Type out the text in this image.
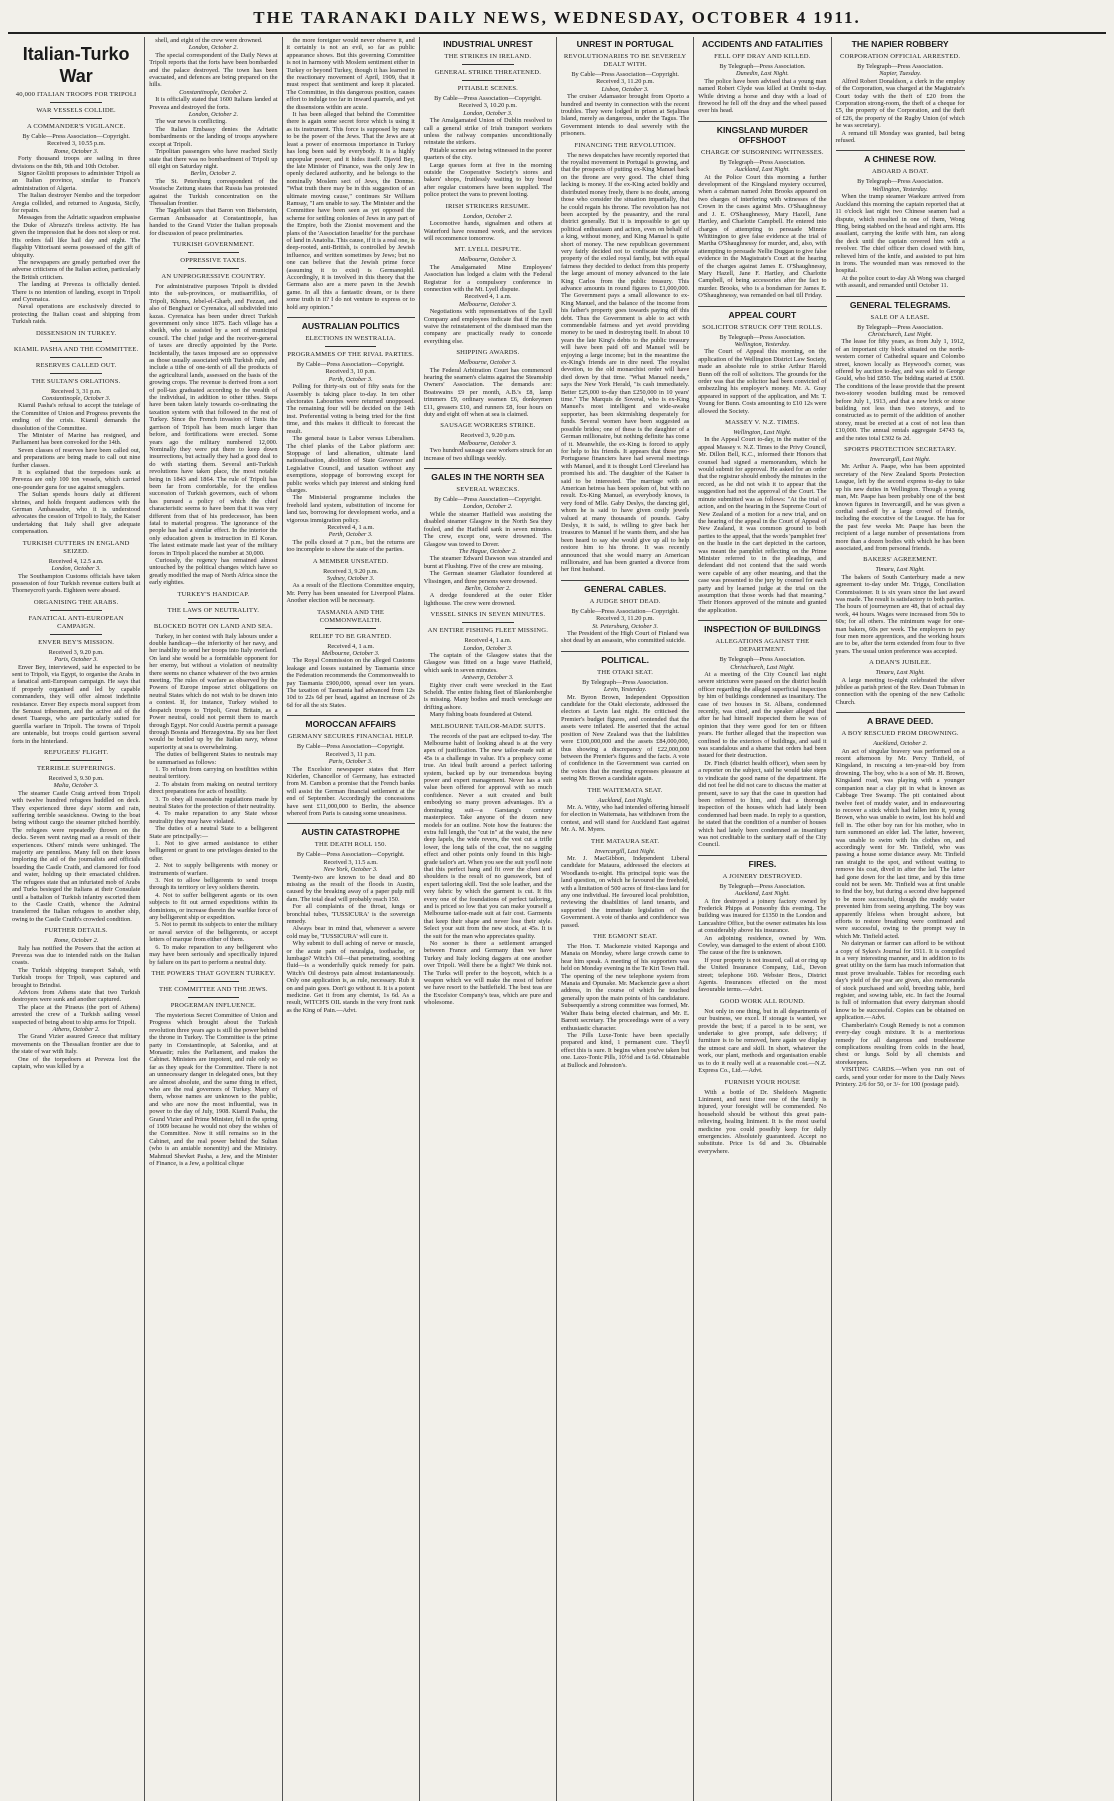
THE TARANAKI DAILY NEWS, WEDNESDAY, OCTOBER 4 1911.
Italian-Turko War
40,000 ITALIAN TROOPS FOR TRIPOLI
WAR VESSELS COLLIDE.
A COMMANDER'S VIGILANCE.
By Cable—Press Association—Copyright.
Received 3, 10.55 p.m.
Rome, October 3.

Forty thousand troops are sailing in three divisions on the 8th, 9th and 10th October.

Signor Giolitti proposes to administer Tripoli as an Italian province, similar to France's administration of Algeria.

The Italian destroyer Nembo and the torpedoer Aregia collided, and returned to Augusta, Sicily, for repairs.

Messages from the Adriatic squadron emphasise the Duke of Abruzzi's tireless activity. He has given the impression that he does not sleep or rest. His orders fall like hail day and night. The flagship Vittorisani seems possessed of the gift of ubiquity.

The newspapers are greatly perturbed over the adverse criticisms of the Italian action, particularly the British criticism.

The landing at Preveza is officially denied. There is no intention of landing, except in Tripoli and Cyrenaica.

Naval operations are exclusively directed to protecting the Italian coast and shipping from Turkish raids.

DISSENSION IN TURKEY.
KIAMIL PASHA AND THE COMMITTEE.
RESERVES CALLED OUT.
THE SULTAN'S ORLATIONS.
Received 3, 31 p.m.
Constantinople, October 3.

Kiamil Pasha's refusal to accept the tutelage of the Committee of Union and Progress prevents the ending of the crisis. Kiamil demands the dissolution of the Committee.

The Minister of Marine has resigned, and Parliament has been convoked for the 14th.

Seven classes of reserves have been called out, and preparations are being made to call out nine further classes.

It is explained that the torpedoes sunk at Preveza are only 100 ton vessels, which carried one-pounder guns for use against smugglers.

The Sultan spends hours daily at different shrines, and holds frequent audiences with the German Ambassador, who it is understood advocates the cession of Tripoli to Italy, the Kaiser undertaking that Italy shall give adequate compensation.

TURKISH CUTTERS IN ENGLAND SEIZED.
Received 4, 12.5 a.m.
London, October 3.

The Southampton Customs officials have taken possession of four Turkish revenue cutters built at Thorneycroft yards. Eighteen were aboard.

ORGANISING THE ARABS.
FANATICAL ANTI-EUROPEAN CAMPAIGN.
ENVER BEY'S MISSION.
Received 3, 9.20 p.m.
Paris, October 3.

Enver Bey, interviewed, said he expected to be sent to Tripoli, via Egypt, to organise the Arabs in a fanatical anti-European campaign. He says that if properly organised and led by capable commanders, they will offer almost indefinite resistance. Enver Bey expects moral support from the Senussi tribesmen, and the active aid of the desert Tuaregs, who are particularly suited for guerilla warfare in Tripoli. The towns of Tripoli are untenable, but troops could garrison several forts in the hinterland.

REFUGEES' FLIGHT.
TERRIBLE SUFFERINGS.
Received 3, 9.30 p.m.
Malta, October 3.

The steamer Castle Craig arrived from Tripoli with twelve hundred refugees huddled on deck. They experienced three days' storm and rain, suffering terrible seasickness. Owing to the boat being without cargo the steamer pitched horribly. The refugees were repeatedly thrown on the decks. Seven went raving mad as a result of their experiences. Others' minds were unhinged. The majority are penniless. Many fell on their knees imploring the aid of the journalists and officials boarding the Castle Craith, and clamored for food and water, holding up their emaciated children. The refugees state that an infuriated mob of Arabs and Turks besieged the Italians at their Consulate until a battalion of Turkish infantry escorted them to the Castle Craith, whence the Admiral transferred the Italian refugees to another ship, owing to the Castle Craith's crowded condition.

FURTHER DETAILS.
Rome, October 2.

Italy has notified the Powers that the action at Preveza was due to intended raids on the Italian coasts.

The Turkish shipping transport Sabah, with Turkish troops for Tripoli, was captured and brought to Brindisi.

Advices from Athens state that two Turkish destroyers were sunk and another captured.

The place at the Piraeus (the port of Athens) arrested the crew of a Turkish sailing vessel suspected of being about to ship arms for Tripoli.

Athens, October 2.

The Grand Vizier assured Greece that military movements on the Thessalian frontier are due to the state of war with Italy.

One of the torpedoers at Preveza lost the captain, who was killed by a

shell, and eight of the crew were drowned.

London, October 2.

The special correspondent of the Daily News at Tripoli reports that the forts have been bombarded and the palace destroyed. The town has been evacuated, and defences are being prepared on the hills.

Constantinople, October 2.

It is officially stated that 1600 Italians landed at Preveza and destroyed the forts.

London, October 2.

The war news is conflicting.

The Italian Embassy denies the Adriatic bombardments or the landing of troops anywhere except at Tripoli.

Tripolitan passengers who have reached Sicily state that there was no bombardment of Tripoli up till eight on Saturday night.

Berlin, October 2.

The St. Petersburg correspondent of the Vossische Zeitung states that Russia has protested against the Turkish concentration on the Thessalian frontier.

The Tageblatt says that Baron von Bieberstein, German Ambassador at Constantinople, has handed to the Grand Vizier the Italian proposals for discussion of peace preliminaries.

TURKISH GOVERNMENT.
OPPRESSIVE TAXES.
AN UNPROGRESSIVE COUNTRY.

For administrative purposes Tripoli is divided into the sub-provinces, or mutisarrifliks, of Tripoli, Khoms, Jebel-el-Gharb, and Fezzan, and also of Benghazi or Cyrenaica, all subdivided into kazas. Cyrenaica has been under direct Turkish government only since 1875. Each village has a sheikh, who is assisted by a sort of municipal council. The chief judge and the receiver-general of taxes are directly appointed by the Porte. Incidentally, the taxes imposed are so oppressive as those usually associated with Turkish rule, and include a tithe of one-tenth of all the products of the agricultural lands, assessed on the basis of the growing crops. The revenue is derived from a sort of poll-tax graduated according to the wealth of the individual, in addition to other tithes. Steps have been taken lately towards co-ordinating the taxation system with that followed in the rest of Turkey. Since the French invasion of Tunis the garrison of Tripoli has been much larger than before, and fortifications were erected. Some years ago the military numbered 12,000. Nominally they were put there to keep down insurrections, but actually they had a good deal to do with starting them. Several anti-Turkish revolutions have taken place, the most notable being in 1843 and 1864. The rule of Tripoli has been far from comfortable, for the endless succession of Turkish governors, each of whom has pursued a policy of which the chief characteristic seems to have been that it was very different from that of his predecessor, has been fatal to material progress. The ignorance of the people has had a similar effect. In the interior the only education given is instruction in El Koran. The latest estimate made last year of the military forces in Tripoli placed the number at 30,000.

Curiously, the regency has remained almost untouched by the political changes which have so greatly modified the map of North Africa since the early eighties.

TURKEY'S HANDICAP.
THE LAWS OF NEUTRALITY.
BLOCKED BOTH ON LAND AND SEA.

Turkey, in her contest with Italy labours under a double handicap—the inferiority of her navy, and her inability to send her troops into Italy overland. On land she would be a formidable opponent for her enemy, but without a violation of neutrality there seems no chance whatever of the two armies meeting. The rules of warfare as observed by the Powers of Europe impose strict obligations on neutral States which do not wish to be drawn into a contest. If, for instance, Turkey wished to despatch troops to Tripoli, Great Britain, as a Power neutral, could not permit them to march through Egypt. Nor could Austria permit a passage through Bosnia and Herzegovina. By sea her fleet would be bottled up by the Italian navy, whose superiority at sea is overwhelming.

The duties of belligerent States to neutrals may be summarised as follows:

1. To refrain from carrying on hostilities within neutral territory.

2. To abstain from making on neutral territory direct preparations for acts of hostility.

3. To obey all reasonable regulations made by neutral States for the protection of their neutrality.

4. To make reparation to any State whose neutrality they may have violated.

The duties of a neutral State to a belligerent State are principally:—

1. Not to give armed assistance to either belligerent or grant to one privileges denied to the other.

2. Not to supply belligerents with money or instruments of warfare.

3. Not to allow belligerents to send troops through its territory or levy soldiers therein.

4. Not to suffer belligerent agents or its own subjects to fit out armed expeditions within its dominions, or increase therein the warlike force of any belligerent ship or expedition.

5. Not to permit its subjects to enter the military or naval service of the belligerents, or accept letters of marque from either of them.

6. To make reparation to any belligerent who may have been seriously and specifically injured by failure on its part to perform a neutral duty.

THE POWERS THAT GOVERN TURKEY.
THE COMMITTEE AND THE JEWS.
PROGERMAN INFLUENCE.

The mysterious Secret Committee of Union and Progress which brought about the Turkish revolution three years ago is still the power behind the throne in Turkey. The Committee is the prime party in Constantinople, at Salonika, and at Monastir; rules the Parliament, and makes the Cabinet. Ministers are impotent, and rule only so far as they speak for the Committee. There is not an unnecessary danger in delegated ones, but they are almost absolute, and the same thing in effect, who are the real governors of Turkey. Many of them, whose names are unknown to the public, and who are now the most influential, was in power to the day of July, 1908. Kiamil Pasha, the Grand Vizier and Prime Minister, fell in the spring of 1909 because he would not obey the wishes of the Committee. Now it still remains so in the Cabinet, and the real power behind the Sultan (who is an amiable nonentity) and the Ministry. Mahmud Shevket Pasha, a Jew, and the Minister of Finance, is a Jew, a political clique

the more foreigner would never observe it, and it certainly is not an evil, so far as public appearance shows. But this governing Committee is not in harmony with Moslem sentiment either in Turkey or beyond Turkey, though it has learned in the reactionary movement of April, 1909, that it must respect that sentiment and keep it placated. The Committee, in this dangerous position, causes effort to indulge too far in inward quarrels, and yet the dissensions within are acute.

It has been alleged that behind the Committee there is again some secret force which is using it as its instrument. This force is supposed by many to be the power of the Jews. That the Jews are at least a power of enormous importance in Turkey has long been said by everybody. It is a highly unpopular power, and it hides itself. Djavid Bey, the late Minister of Finance, was the only Jew in openly declared authority, and he belongs to the nominally Moslem sect of Jews, the Donme. "What truth there may be in this suggestion of an ultimate moving cause," continues Sir William Ramsay, "I am unable to say. The Minister and the Committee have been seen as yet opposed the scheme for settling colonies of Jews in any part of the Empire, both the Zionist movement and the plans of the 'Association Israelite' for the purchase of land in Anatolia. This cause, if it is a real one, is deep-rooted, anti-British, is controlled by Jewish influence, and written sometimes by Jews; but no one can believe that the Jewish prime force (assuming it to exist) is Germanophil. Accordingly, it is involved in this theory that the Germans also are a mere pawn in the Jewish game. In all this a fantastic dream, or is there some truth in it? I do not venture to express or to hold any opinion."

AUSTRALIAN POLITICS
ELECTIONS IN WESTRALIA.
PROGRAMMES OF THE RIVAL PARTIES.
By Cable—Press Association—Copyright.
Received 3, 10 p.m.
Perth, October 3.

Polling for thirty-six out of fifty seats for the Assembly is taking place to-day. In ten other electorates Labourites were returned unopposed. The remaining four will be decided on the 14th inst. Preferential voting is being tried for the first time, and this makes it difficult to forecast the result.

The general issue is Labor versus Liberalism. The chief planks of the Labor platform are: Stoppage of land alienation, ultimate land nationalisation, abolition of State Governor and Legislative Council, and taxation without any exemptions, stoppage of borrowing except for public works which pay interest and sinking fund charges.

The Ministerial programme includes the freehold land system, substitution of income for land tax, borrowing for development works, and a vigorous immigration policy.

Received 4, 1 a.m.
Perth, October 3.

The polls closed at 7 p.m., but the returns are too incomplete to show the state of the parties.

A MEMBER UNSEATED.
Received 3, 9.20 p.m.
Sydney, October 3.

As a result of the Elections Committee enquiry, Mr. Perry has been unseated for Liverpool Plains. Another election will be necessary.

TASMANIA AND THE COMMONWEALTH.
RELIEF TO BE GRANTED.
Received 4, 1 a.m.
Melbourne, October 3.

The Royal Commission on the alleged Customs leakage and losses sustained by Tasmania since the Federation recommends the Commonwealth to pay Tasmania £900,000, spread over ten years. The taxation of Tasmania had advanced from 12s 10d to 22s 6d per head, against an increase of 2s 6d for all the six States.

MOROCCAN AFFAIRS
GERMANY SECURES FINANCIAL HELP.
By Cable—Press Association—Copyright.
Received 3, 11 p.m.
Paris, October 3.

The Excelsior newspaper states that Herr Kiderlen, Chancellor of Germany, has extracted from M. Cambon a promise that the French banks will assist the German financial settlement at the end of September. Accordingly the concessions have sent £11,000,000 to Berlin, the absence whereof from Paris is causing some uneasiness.

AUSTIN CATASTROPHE
THE DEATH ROLL 150.
By Cable—Press Association—Copyright.
Received 3, 11.5 a.m.
New York, October 3.

Twenty-two are known to be dead and 80 missing as the result of the floods in Austin, caused by the breaking away of a paper pulp mill dam. The total dead will probably reach 150.

For all complaints of the throat, lungs or bronchial tubes, 'TUSSICURA' is the sovereign remedy.

Always bear in mind that, whenever a severe cold may be, 'TUSSICURA' will cure it.

Why submit to dull aching of nerve or muscle, or the acute pain of neuralgia, toothache, or lumbago? Witch's Oil—that penetrating, soothing fluid—is a wonderfully quick remedy for pain. Witch's Oil destroys pain almost instantaneously. Only one application is, as rule, necessary. Rub it on and pain goes. Don't go without it. It is a potent medicine. Get it from any chemist, 1s 6d. As a result, WITCH'S OIL stands in the very front rank as the King of Pain.—Advt.

INDUSTRIAL UNREST
THE STRIKES IN IRELAND.
GENERAL STRIKE THREATENED.
PITIABLE SCENES.
By Cable—Press Association—Copyright.
Received 3, 10.20 p.m.
London, October 3.

The Amalgamated Union of Dublin resolved to call a general strike of Irish transport workers unless the railway companies unconditionally reinstate the strikers.

Pitiable scenes are being witnessed in the poorer quarters of the city.

Large queues form at five in the morning outside the Cooperative Society's stores and bakers' shops, fruitlessly waiting to buy bread after regular customers have been supplied. The police protect the vans to prevent looting.

IRISH STRIKERS RESUME.
London, October 2.

Locomotive hands, signalmen and others at Waterford have resumed work, and the services will recommence tomorrow.

MT. LYELL DISPUTE.
Melbourne, October 3.

The Amalgamated Mine Employees' Association has lodged a claim with the Federal Registrar for a compulsory conference in connection with the Mt. Lyell dispute.

Received 4, 1 a.m.
Melbourne, October 3.

Negotiations with representatives of the Lyell Company and employees indicate that if the men waive the reinstatement of the dismissed man the company are practically ready to concede everything else.

SHIPPING AWARDS.
Melbourne, October 3.

The Federal Arbitration Court has commenced hearing the seamen's claims against the Steamship Owners' Association. The demands are: Boatswains £9 per month, A.B.'s £8, lamp trimmers £9, ordinary seamen £6, donkeymen £11, greasers £10, and runners £8, four hours on duty and eight off when at sea is claimed.

SAUSAGE WORKERS STRIKE.
Received 3, 9.20 p.m.
Melbourne, October 3.

Two hundred sausage case workers struck for an increase of two shillings weekly.

GALES IN THE NORTH SEA
SEVERAL WRECKS.
By Cable—Press Association—Copyright.
London, October 2.

While the steamer Hatfield was assisting the disabled steamer Glasgow in the North Sea they fouled, and the Hatfield sank in seven minutes. The crew, except one, were drowned. The Glasgow was towed to Dover.

The Hague, October 2.

The steamer Edward Dawson was stranded and burnt at Flushing. Five of the crew are missing.

The German steamer Gladiator foundered at Vlissingen, and three persons were drowned.

Berlin, October 2.

A dredge foundered at the outer Elder lighthouse. The crew were drowned.

VESSEL SINKS IN SEVEN MINUTES.
AN ENTIRE FISHING FLEET MISSING.
Received 4, 1 a.m.
London, October 3.

The captain of the Glasgow states that the Glasgow was fitted on a huge wave Hatfield, which sank in seven minutes.

Antwerp, October 3.

Eighty river craft were wrecked in the East Scheldt. The entire fishing fleet of Blankenberghe is missing. Many bodies and much wreckage are drifting ashore.

Many fishing boats foundered at Ostend.

MELBOURNE TAILOR-MADE SUITS.

The records of the past are eclipsed to-day. The Melbourne habit of looking ahead is at the very apex of justification. The new tailor-made suit at 45s is a challenge in value. It's a prophecy come true. An ideal built around a perfect tailoring system, backed up by our tremendous buying power and expert management. Never has a suit value been offered for approval with so much confidence. Never a suit created and built embodying so many proven advantages. It's a dominating suit—a Garstang's century masterpiece. Take anyone of the dozen new models for an outline. Note how the features: the extra full length, the "cut in" at the waist, the new deep lapels, the wide revers, the vest cut a trifle lower, the long tails of the coat, the no sagging effect and other points only found in this high-grade tailor's art. When you see the suit you'll note that this perfect hang and fit over the chest and shoulders is the result of no guesswork, but of expert tailoring skill. Test the sole leather, and the very fabric by which the garment is cut. It fits every one of the foundations of perfect tailoring, and is priced so low that you can make yourself a Melbourne tailor-made suit at fair cost. Garments that keep their shape and never lose their style. Select your suit from the new stock, at 45s. It is the suit for the man who appreciates quality.

No sooner is there a settlement arranged between France and Germany than we have Turkey and Italy locking daggers at one another over Tripoli. Well there be a fight? We think not. The Turks will prefer to the boycott, which is a weapon which we will make the most of before we have resort to the battlefield. The best teas are the Excelsior Company's teas, which are pure and wholesome.

UNREST IN PORTUGAL
REVOLUTIONARIES TO BE SEVERELY DEALT WITH.
By Cable—Press Association—Copyright.
Received 3, 11.20 p.m.
Lisbon, October 3.

The cruiser Adamastor brought from Oporto a hundred and twenty in connection with the recent troubles. They were lodged in prison at Sejalinas Island, merely as dangerous, under the Tagus. The Government intends to deal severely with the prisoners.

FINANCING THE REVOLUTION.

The news despatches have recently reported that the royalist movement in Portugal is growing, and that the prospects of putting ex-King Manuel back on the throne are very good. The chief thing lacking is money. If the ex-King acted boldly and distributed money freely, there is no doubt, among those who consider the situation impartially, that he could regain his throne. The revolution has not been accepted by the peasantry, and the rural district generally. But it is impossible to get up political enthusiasm and action, even on behalf of a king, without money, and King Manuel is quite short of money. The new republican government very fairly decided not to confiscate the private property of the exiled royal family, but with equal fairness they decided to deduct from this property the large amount of money advanced to the late King Carlos from the public treasury. This advance amounts in round figures to £1,000,000. The Government pays a small allowance to ex-King Manuel, and the balance of the income from his father's property goes towards paying off this debt. Thus the Government is able to act with commendable fairness and yet avoid providing money to be used in destroying itself. In about 10 years the late King's debts to the public treasury will have been paid off and Manuel will be enjoying a large income; but in the meantime the ex-King's friends are in dire need. The royalist devotion, to the old monarchist order will have died down by that time. "What Manuel needs," says the New York Herald, "is cash immediately. Better £25,000 to-day than £250,000 in 10 years' time." The Marquis de Soveral, who is ex-King Manuel's most intelligent and wide-awake supporter, has been skirmishing desperately for funds. Several women have been suggested as possible brides; one of these is the daughter of a German millionaire, but nothing definite has come of it. Meanwhile, the ex-King is forced to apply for help to his friends. It appears that these pro-Portuguese financiers have had several meetings with Manuel, and it is thought Lord Cleveland has promised his aid. The daughter of the Kaiser is said to be interested. The marriage with an American heiress has been spoken of, but with no result. Ex-King Manuel, as everybody knows, is very fond of Mlle. Gaby Deslys, the dancing girl, whom he is said to have given costly jewels valued at many thousands of pounds. Gaby Deslys, it is said, is willing to give back her treasures to Manuel if he wants them, and she has been heard to say she would give up all to help restore him to his throne. It was recently announced that she would marry an American millionaire, and has been granted a divorce from her first husband.

GENERAL CABLES.
A JUDGE SHOT DEAD.
By Cable—Press Association—Copyright.
Received 3, 11.20 p.m.
St. Petersburg, October 3.

The President of the High Court of Finland was shot dead by an assassin, who committed suicide.

POLITICAL.
THE OTAKI SEAT.
By Telegraph—Press Association.
Levin, Yesterday.

Mr. Byron Brown, Independent Opposition candidate for the Otaki electorate, addressed the electors at Levin last night. He criticised the Premier's budget figures, and contended that the assets were inflated. He asserted that the actual position of New Zealand was that the liabilities were £100,000,000 and the assets £84,000,000, thus showing a discrepancy of £22,000,000 between the Premier's figures and the facts. A vote of confidence in the Government was carried on the voices that the meeting expresses pleasure at seeing Mr. Brown a candidate again.

THE WAITEMATA SEAT.
Auckland, Last Night.

Mr. A. Witty, who had intended offering himself for election in Waitemata, has withdrawn from the contest, and will stand for Auckland East against Mr. A. M. Myers.

THE MATAURA SEAT.
Invercargill, Last Night.

Mr. J. MacGibbon, Independent Liberal candidate for Mataura, addressed the electors at Woodlands to-night. His principal topic was the land question, on which he favoured the freehold, with a limitation of 500 acres of first-class land for any one individual. He favoured local prohibition, reviewing the disabilities of land tenants, and supported the immediate legislation of the Government. A vote of thanks and confidence was passed.

THE EGMONT SEAT.

The Hon. T. Mackenzie visited Kaponga and Manaia on Monday, where large crowds came to hear him speak. A meeting of his supporters was held on Monday evening in the Te Kiri Town Hall. The opening of the new telephone system from Manaia and Opunake. Mr. Mackenzie gave a short address, in the course of which he touched generally upon the main points of his candidature. Subsequently a strong committee was formed, Mr. Walter Ihaia being elected chairman, and Mr. E. Barrett secretary. The proceedings were of a very enthusiastic character.

The Pills Luxe-Tonic have been specially prepared and kind, 1 permanent cure. They'll effect this is sure. It begins when you've taken but one. Laxo-Tonic Pills, 10½d and 1s 6d. Obtainable at Bullock and Johnston's.

ACCIDENTS AND FATALITIES
FELL OFF DRAY AND KILLED.
By Telegraph—Press Association.
Dunedin, Last Night.

The police have been advised that a young man named Robert Clyde was killed at Omihi to-day. While driving a horse and dray with a load of firewood he fell off the dray and the wheel passed over his head.

KINGSLAND MURDER OFFSHOOT
CHARGE OF SUBORNING WITNESSES.
By Telegraph—Press Association.
Auckland, Last Night.

At the Police Court this morning a further development of the Kingsland mystery occurred, when a cabman named John Brooks appeared on two charges of interfering with witnesses of the Crown in the cases against Mrs. O'Shaughnessy and J. E. O'Shaughnessy, Mary Hazell, Jane Hartley, and Charlotte Campbell. He entered into charges of attempting to persuade Minnie Whittington to give false evidence at the trial of Martha O'Shaughnessy for murder, and, also, with attempting to persuade Nellie Duggan to give false evidence in the Magistrate's Court at the hearing of the charges against James E. O'Shaughnessy, Mary Hazell, Jane F. Hartley, and Charlotte Campbell, of being accessories after the fact to murder. Brooks, who is a bondsman for James E. O'Shaughnessy, was remanded on bail till Friday.

APPEAL COURT
SOLICITOR STRUCK OFF THE ROLLS.
By Telegraph—Press Association.
Wellington, Yesterday.

The Court of Appeal this morning, on the application of the Wellington District Law Society, made an absolute rule to strike Arthur Harold Bunn off the roll of solicitors. The grounds for the order was that the solicitor had been convicted of embezzling his employer's money. Mr. A. Gray appeared in support of the application, and Mr. T. Young for Bunn. Costs amounting to £10 12s were allowed the Society.

MASSEY V. N.Z. TIMES.
Wellington, Last Night.

In the Appeal Court to-day, in the matter of the appeal Massey v. N.Z. Times to the Privy Council, Mr. Dillon Bell, K.C., informed their Honors that counsel had signed a memorandum, which he would submit for approval. He asked for an order that the registrar should embody the minutes in the record, as he did not wish it to appear that the suggestion had not the approval of the Court. The minute submitted was as follows: "At the trial of action, and on the hearing in the Supreme Court of New Zealand of a motion for a new trial, and on the hearing of the appeal in the Court of Appeal of New Zealand, it was common ground to both parties to the appeal, that the words 'pamphlet free' on the hustle in the cart depicted in the cartoon, was meant the pamphlet reflecting on the Prime Minister referred to in the pleadings, and defendant did not contend that the said words were capable of any other meaning, and that the case was presented to the jury by counsel for each party and by learned judge at the trial on the assumption that those words had that meaning." Their Honors approved of the minute and granted the application.

INSPECTION OF BUILDINGS
ALLEGATIONS AGAINST THE DEPARTMENT.
By Telegraph—Press Association.
Christchurch, Last Night.

At a meeting of the City Council last night severe strictures were passed on the district health officer regarding the alleged superficial inspection by him of buildings condemned as insanitary. The case of two houses in St. Albans, condemned recently, was cited, and the speaker alleged that after he had himself inspected them he was of opinion that they were good for ten or fifteen years. He further alleged that the inspection was confined to the exteriors of buildings, and said it was scandalous and a shame that orders had been issued for their destruction.

Dr. Finch (district health officer), when seen by a reporter on the subject, said he would take steps to vindicate the good name of the department. He did not feel he did not care to discuss the matter at present, save to say that the case in question had been referred to him, and that a thorough inspection of the houses which had lately been condemned had been made. In reply to a question, he stated that the condition of a number of houses which had lately been condemned as insanitary was not creditable to the sanitary staff of the City Council.

FIRES.
A JOINERY DESTROYED.
By Telegraph—Press Association.
Auckland, Last Night.

A fire destroyed a joinery factory owned by Frederick Phipps at Ponsonby this evening. The building was insured for £1350 in the London and Lancashire Office, but the owner estimates his loss at considerably above his insurance.

An adjoining residence, owned by Wm. Cowley, was damaged to the extent of about £100. The cause of the fire is unknown.

If your property is not insured, call at or ring up the United Insurance Company, Ltd., Devon street; telephone 160. Webster Bros., District Agents. Insurances effected on the most favourable terms.—Advt.

GOOD WORK ALL ROUND.

Not only in one thing, but in all departments of our business, we excel. If storage is wanted, we provide the best; if a parcel is to be sent, we undertake to give prompt, safe delivery; if furniture is to be removed, here again we display the utmost care and skill. In short, whatever the work, our plant, methods and organisation enable us to do it really well at a reasonable cost.—N.Z. Express Co., Ltd.—Advt.

FURNISH YOUR HOUSE

With a bottle of Dr. Sheldon's Magnetic Liniment, and next time one of the family is injured, your foresight will be commended. No household should be without this great pain-relieving, healing liniment. It is the most useful medicine you could possibly keep for dally emergencies. Absolutely guaranteed. Accept no substitute. Price 1s 6d and 3s. Obtainable everywhere.

THE NAPIER ROBBERY
CORPORATION OFFICIAL ARRESTED.
By Telegraph—Press Association.
Napier, Tuesday.

Alfred Robert Donaldson, a clerk in the employ of the Corporation, was charged at the Magistrate's Court today with the theft of £20 from the Corporation strong-room, the theft of a cheque for £5, the property of the Corporation, and the theft of £26, the property of the Rugby Union (of which he was secretary).

A remand till Monday was granted, bail being refused.

A CHINESE ROW.
ABOARD A BOAT.
By Telegraph—Press Association.
Wellington, Yesterday.

When the tramp steamer Waekure arrived from Auckland this morning the captain reported that at 11 o'clock last night two Chinese seamen had a dispute, which resulted in one of them, Wong Hing, being stabbed on the head and right arm. His assailant, carrying the knife with him, ran along the deck until the captain covered him with a revolver. The chief officer then closed with him, relieved him of the knife, and assisted to put him in irons. The wounded man was removed to the hospital.

At the police court to-day Ah Wong was charged with assault, and remanded until October 11.

GENERAL TELEGRAMS.
SALE OF A LEASE.
By Telegraph—Press Association.
Christchurch, Last Night.

The lease for fifty years, as from July 1, 1912, of an important city block situated on the north-western corner of Cathedral square and Colombo street, known locally as Heywood's corner, was offered by auction to-day, and was sold to George Gould, who bid £850. The bidding started at £500. The conditions of the lease provide that the present two-storey wooden building must be removed before July 1, 1913, and that a new brick or stone building not less than two storeys, and to constructed as to permit of the addition of another storey, must be erected at a cost of not less than £10,000. The annual rentals aggregate £4743 6s, and the rates total £302 6s 2d.

SPORTS PROTECTION SECRETARY.
Invercargill, Last Night.

Mr. Arthur A. Paape, who has been appointed secretary of the New Zealand Sports Protection League, left by the second express to-day to take up his new duties in Wellington. Though a young man, Mr. Paape has been probably one of the best known figures in Invercargill, and he was given a cordial send-off by a large crowd of friends, including the executive of the League. He has for the past few weeks Mr. Paape has been the recipient of a large number of presentations from more than a dozen bodies with which he has been associated, and from personal friends.

BAKERS' AGREEMENT.
Timaru, Last Night.

The bakers of South Canterbury made a new agreement to-day under Mr. Triggs, Conciliation Commissioner. It is six years since the last award was made. The result is satisfactory to both parties. The hours of journeymen are 48, that of actual day work, 44 hours. Wages were increased from 50s to 60s; for all others. The minimum wage for one-man bakers, 60s per week. The employers to pay four men more apprentices, and the working hours are to be, after the term extended from four to five years. The usual union preference was accepted.

A DEAN'S JUBILEE.
Timaru, Last Night.

A large meeting to-night celebrated the silver jubilee as parish priest of the Rev. Dean Tubman in connection with the opening of the new Catholic Church.

A BRAVE DEED.
A BOY RESCUED FROM DROWNING.
Auckland, October 2.

An act of singular bravery was performed on a recent afternoon by Mr. Percy Tinfield, of Kingsland, in rescuing a ten-year-old boy from drowning. The boy, who is a son of Mr. H. Brown, Kingsland road, was playing with a younger companion near a clay pit in what is known as Cabbage Tree Swamp. The pit contained about twelve feet of muddy water, and in endeavouring to recover a stick which had fallen into it, young Brown, who was unable to swim, lost his hold and fell in. The other boy ran for his mother, who in turn summoned an elder lad. The latter, however, was unable to swim with his clothes on, and accordingly went for Mr. Tinfield, who was passing a house some distance away. Mr. Tinfield ran straight to the spot, and without waiting to remove his coat, dived in after the lad. The latter had gone down for the last time, and by this time could not be seen. Mr. Tinfield was at first unable to find the boy, but during a second dive happened to be more successful, though the muddy water prevented him from seeing anything. The boy was apparently lifeless when brought ashore, but efforts to restore breathing were continued and were successful, owing to the prompt way in which Mr. Tinfield acted.

No dairyman or farmer can afford to be without a copy of Sykes's Journal for 1911. It is compiled in a very interesting manner, and in addition to its great utility on the farm has much information that must prove invaluable. Tables for recording each day's yield of the year are given, also memoranda of stock purchased and sold, breeding table, herd register, and sowing table, etc. In fact the Journal is full of information that every dairyman should know to be successful. Copies can be obtained on application.—Advt.

Chamberlain's Cough Remedy is not a common every-day cough mixture. It is a meritorious remedy for all dangerous and troublesome complications resulting from colds in the head, chest or lungs. Sold by all chemists and storekeepers.

VISITING CARDS.—When you run out of cards, send your order for more to the Daily News Printery. 2/6 for 50, or 3/- for 100 (postage paid).
